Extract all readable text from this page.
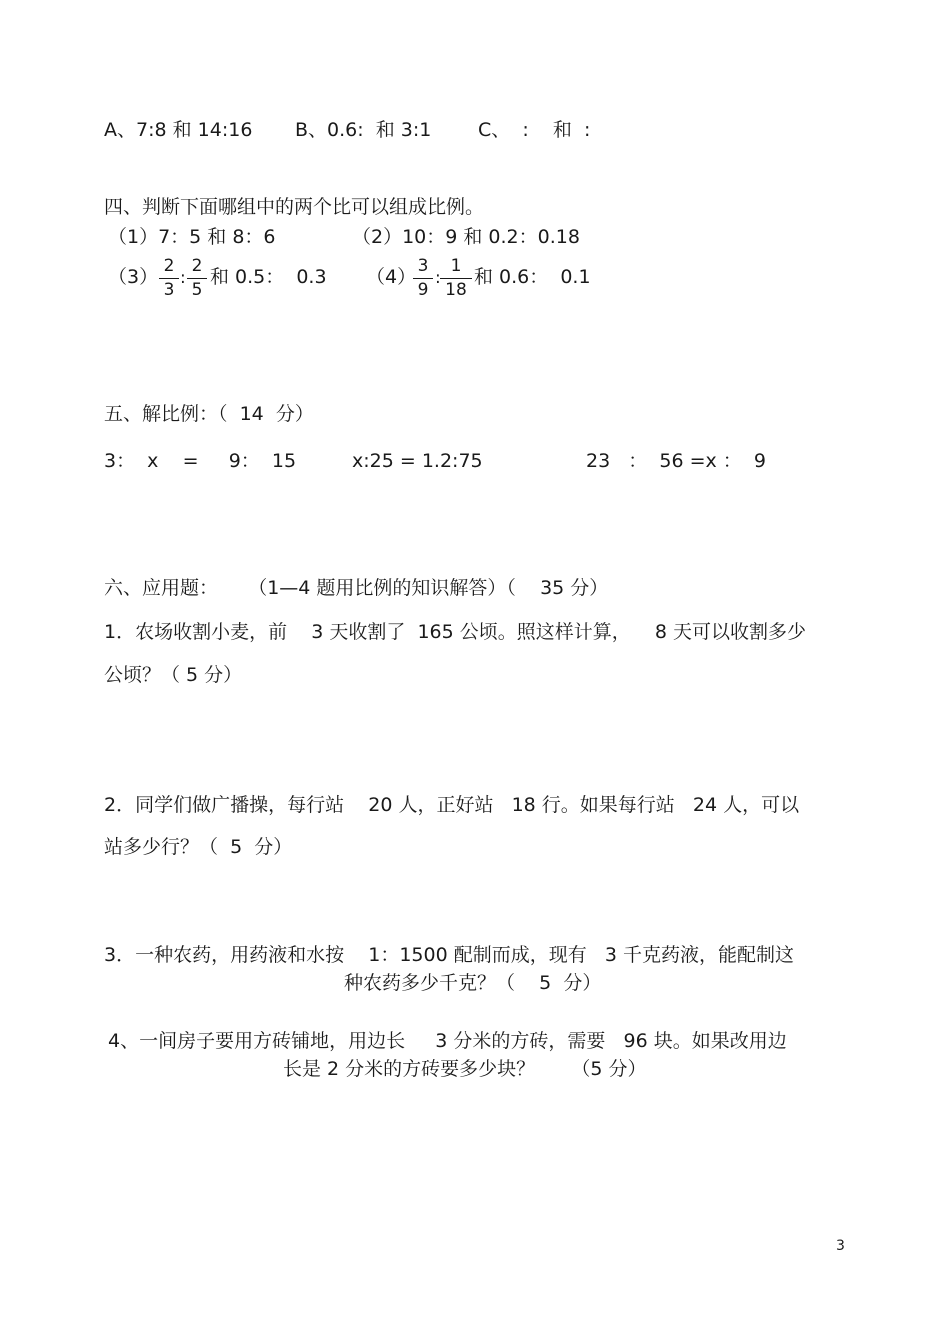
A、7:8 和 14:16 B、0.6:  和 3:1 C、  :    和  :
四、判断下面哪组中的两个比可以组成比例。
（1）7：5 和 8：6	（2）10：9 和 0.2：0.18
（3） 2
3
:
2
5
和 0.5：  0.3 （4） 3
9
:
1
18
和 0.6：  0.1
五、解比例：（  14  分）
3：  x    =     9：  15	x:25 = 1.2:75	23   ：  56 =x ：  9
六、应用题：     （1—4 题用比例的知识解答）（    35 分）
1．农场收割小麦，前    3 天收割了  165 公顷。照这样计算，    8 天可以收割多少
公顷？（ 5 分）
2．同学们做广播操，每行站    20 人，正好站   18 行。如果每行站   24 人，可以
站多少行？（  5  分）
3．一种农药，用药液和水按    1：1500 配制而成，现有   3 千克药液，能配制这
种农药多少千克？（    5  分）
4、一间房子要用方砖铺地，用边长     3 分米的方砖，需要   96 块。如果改用边
长是 2 分米的方砖要多少块？      （5 分）
3
